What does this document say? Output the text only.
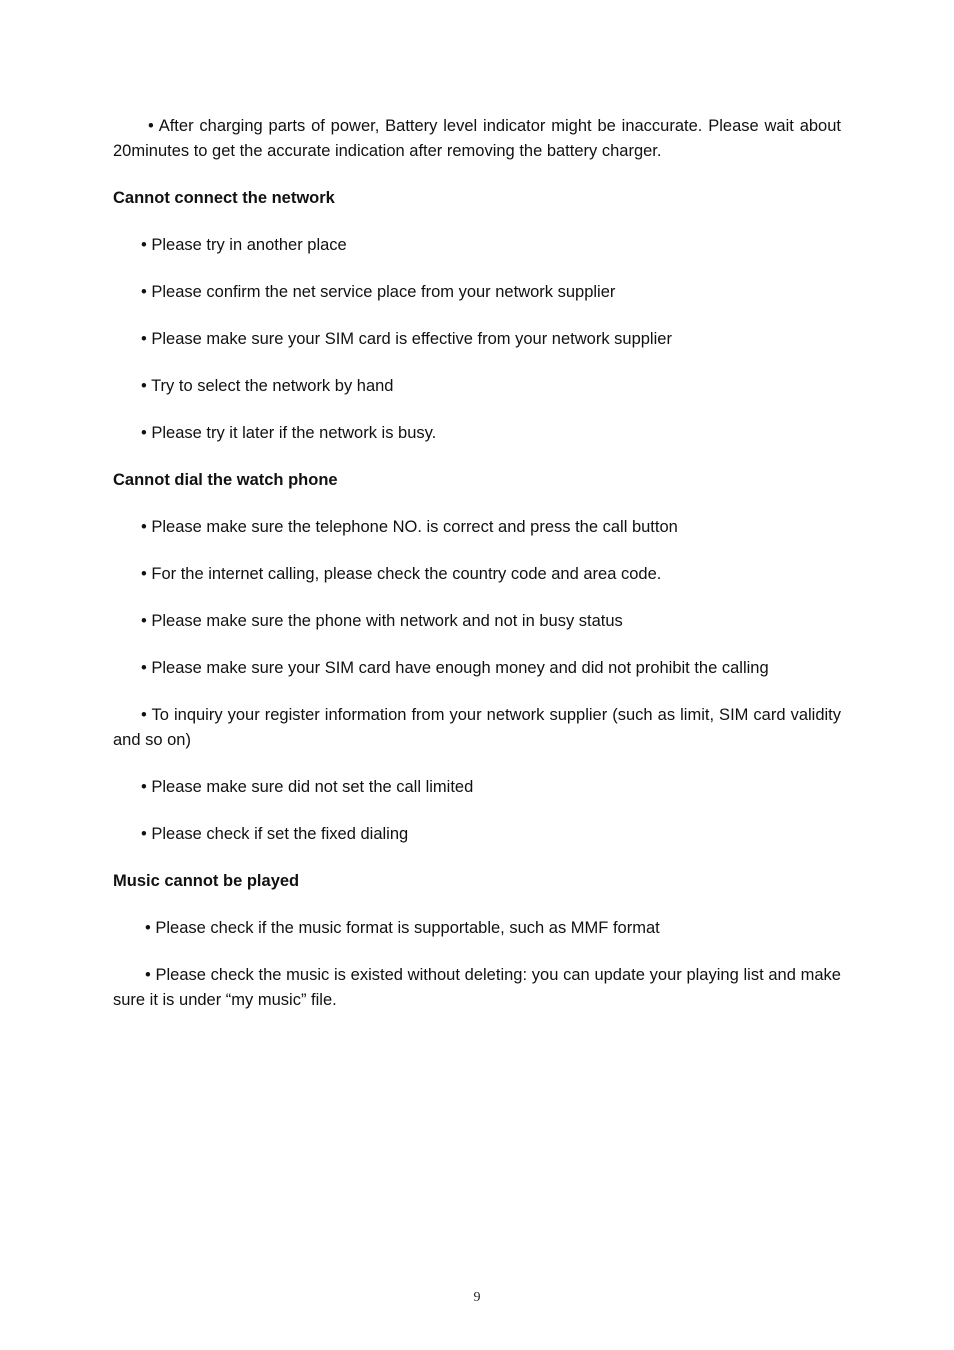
• After charging parts of power, Battery level indicator might be inaccurate. Please wait about 20minutes to get the accurate indication after removing the battery charger.

Cannot connect the network

• Please try in another place

• Please confirm the net service place from your network supplier

• Please make sure your SIM card is effective from your network supplier

• Try to select the network by hand

• Please try it later if the network is busy.

Cannot dial the watch phone

• Please make sure the telephone NO. is correct and press the call button

• For the internet calling, please check the country code and area code.

• Please make sure the phone with network and not in busy status

• Please make sure your SIM card have enough money and did not prohibit the calling

• To inquiry your register information from your network supplier (such as limit, SIM card validity and so on)

• Please make sure did not set the call limited

• Please check if set the fixed dialing

Music cannot be played

• Please check if the music format is supportable, such as MMF format

• Please check the music is existed without deleting: you can update your playing list and make sure it is under “my music” file.

9
